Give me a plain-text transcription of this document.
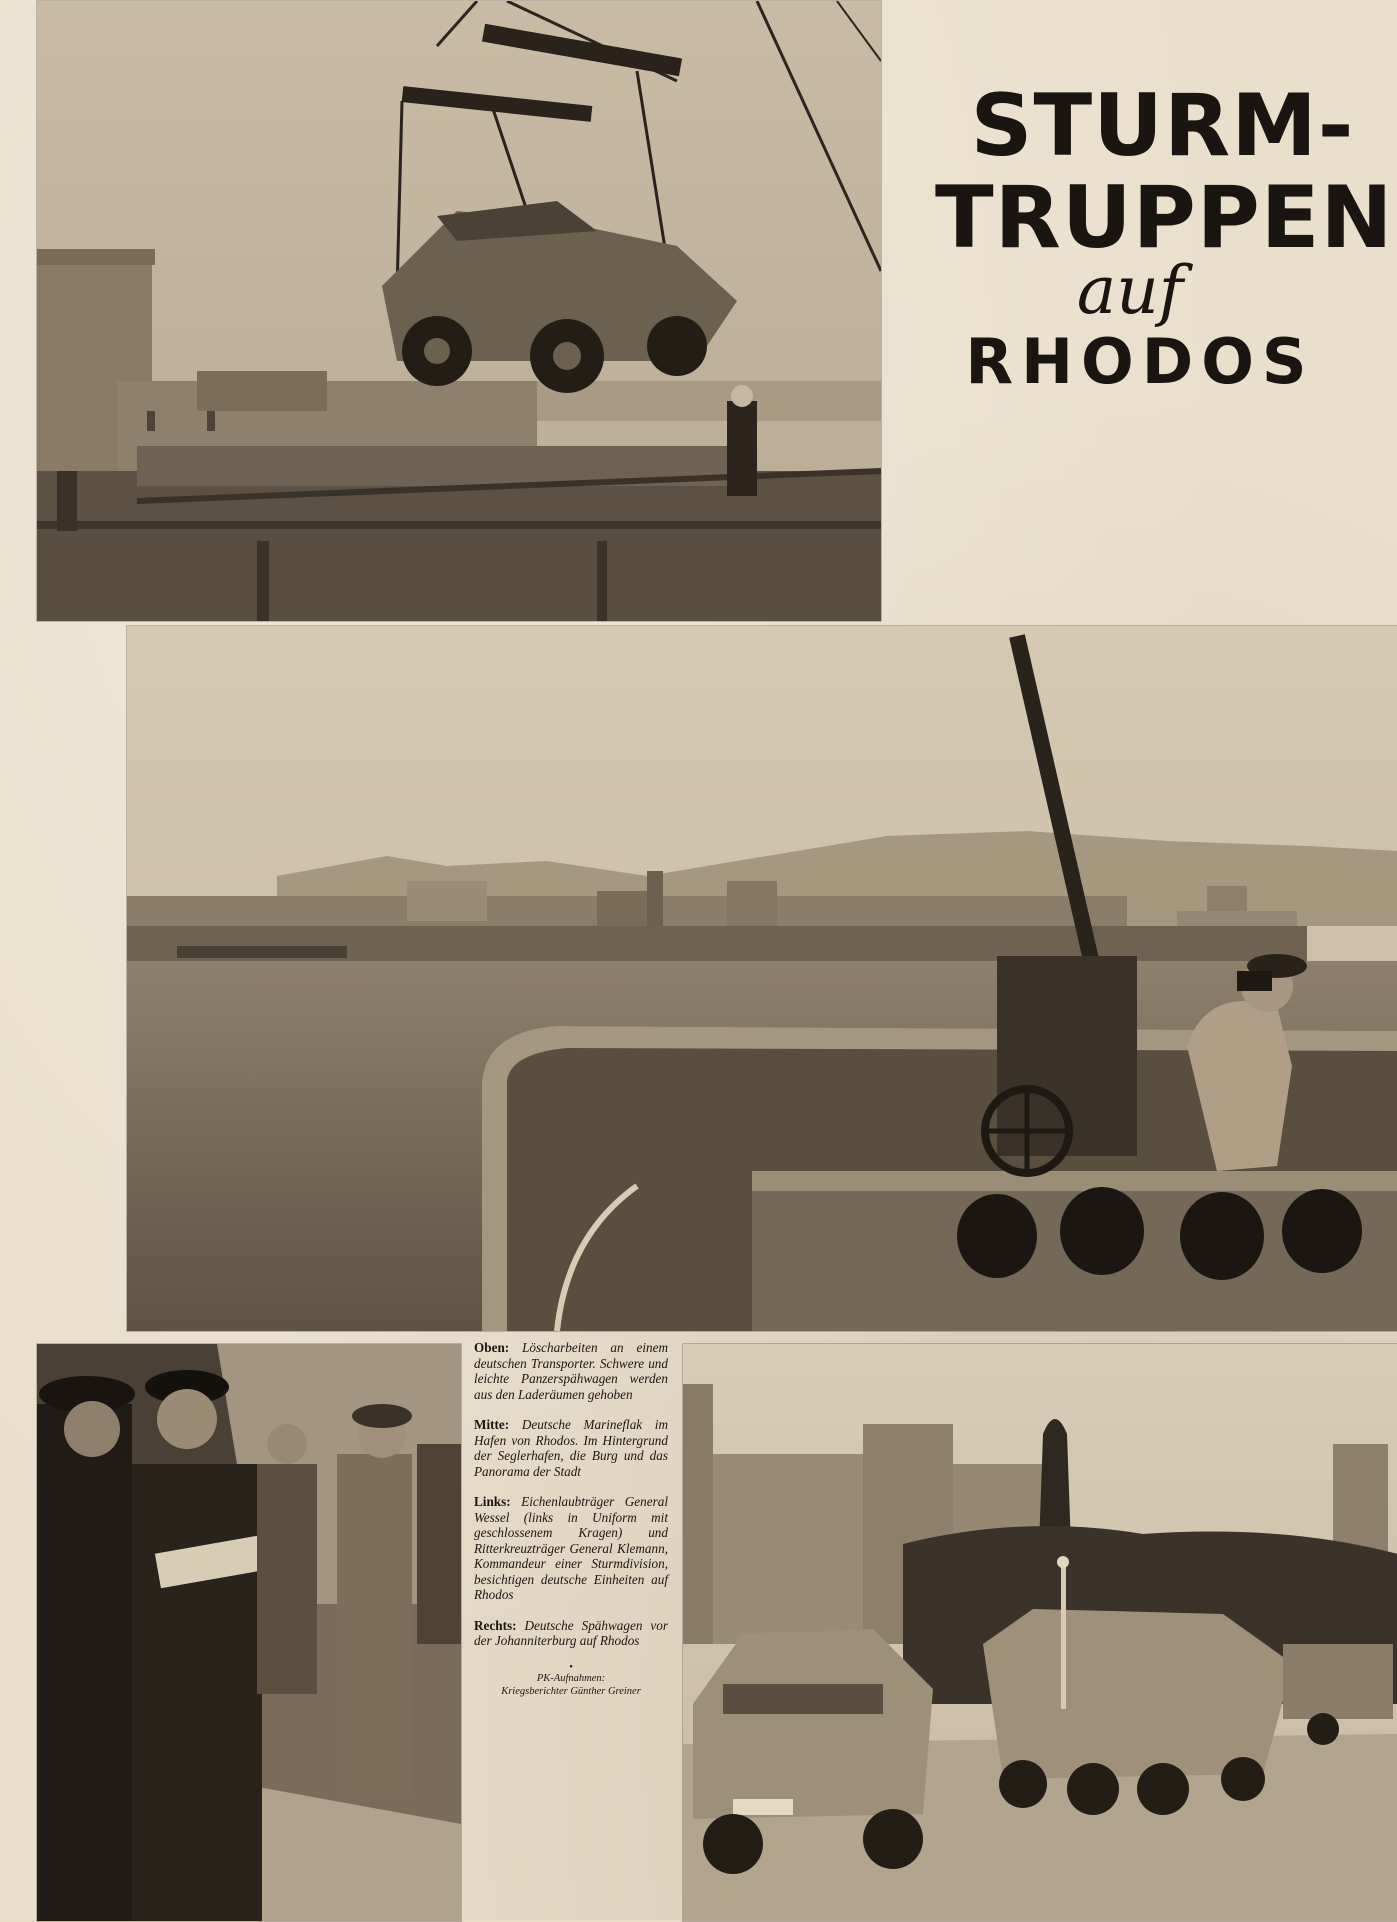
STURM-
TRUPPEN
auf
RHODOS
Oben: Löscharbeiten an einem deutschen Transporter. Schwere und leichte Panzerspähwagen werden aus den Laderäumen gehoben
Mitte: Deutsche Marineflak im Hafen von Rhodos. Im Hintergrund der Seglerhafen, die Burg und das Panorama der Stadt
Links: Eichenlaubträger General Wessel (links in Uniform mit geschlossenem Kragen) und Ritterkreuzträger General Klemann, Kommandeur einer Sturmdivision, besichtigen deutsche Einheiten auf Rhodos
Rechts: Deutsche Spähwagen vor der Johanniterburg auf Rhodos
•
PK-Aufnahmen:
Kriegsberichter Günther Greiner
